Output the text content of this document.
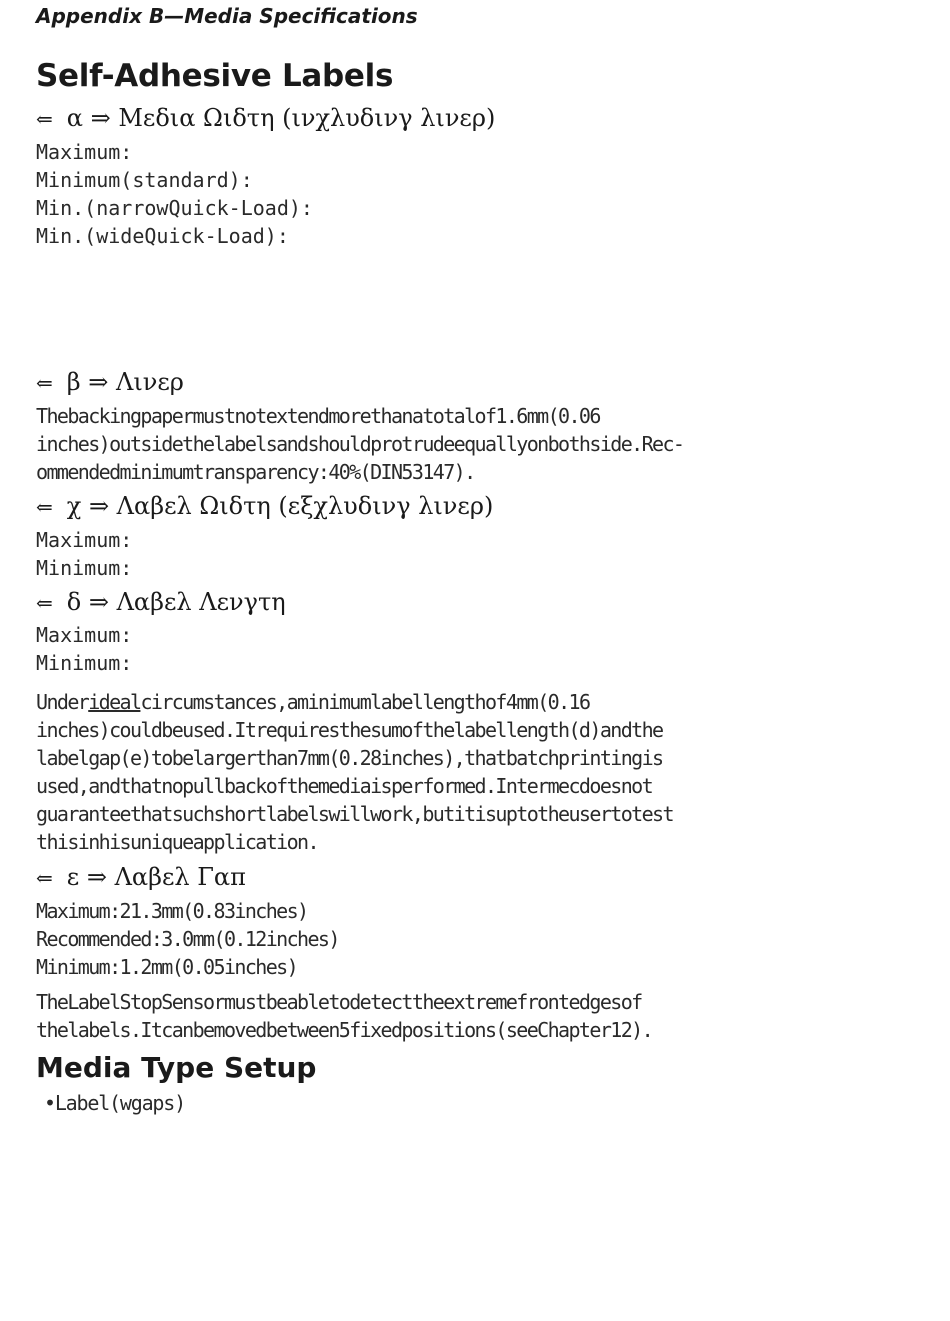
Appendix B—Media Specifications
Self-Adhesive Labels
⇐ α ⇒ Μεδια Ωιδτη (ινχλυδινγ λινερ)
Maximum:
Minimum(standard):
Min.(narrowQuick-Load):
Min.(wideQuick-Load):
⇐ β ⇒ Λινερ
Thebackingpapermustnotextendmorethanatotalof1.6mm(0.06
inches)outsidethelabelsandshouldprotrudeequallyonbothside.Rec-
ommendedminimumtransparency:40%(DIN53147).
⇐ χ ⇒ Λαβελ Ωιδτη (εξχλυδινγ λινερ)
Maximum:
Minimum:
⇐ δ ⇒ Λαβελ Λενγτη
Maximum:
Minimum:
Underidealcircumstances,aminimumlabellengthof4mm(0.16
inches)couldbeused.Itrequiresthesumofthelabellength(d)andthe
labelgap(e)tobelargerthan7mm(0.28inches),thatbatchprintingis
used,andthatnopullbackofthemediaisperformed.Intermecdoesnot
guaranteethatsuchshortlabelswillwork,butitisuptotheusertotest
thisinhisuniqueapplication.
⇐ ε ⇒ Λαβελ Γαπ
Maximum:21.3mm(0.83inches)
Recommended:3.0mm(0.12inches)
Minimum:1.2mm(0.05inches)
TheLabelStopSensormustbeabletodetecttheextremefrontedgesof
thelabels.Itcanbemovedbetween5fixedpositions(seeChapter12).
Media Type Setup
•Label(wgaps)
